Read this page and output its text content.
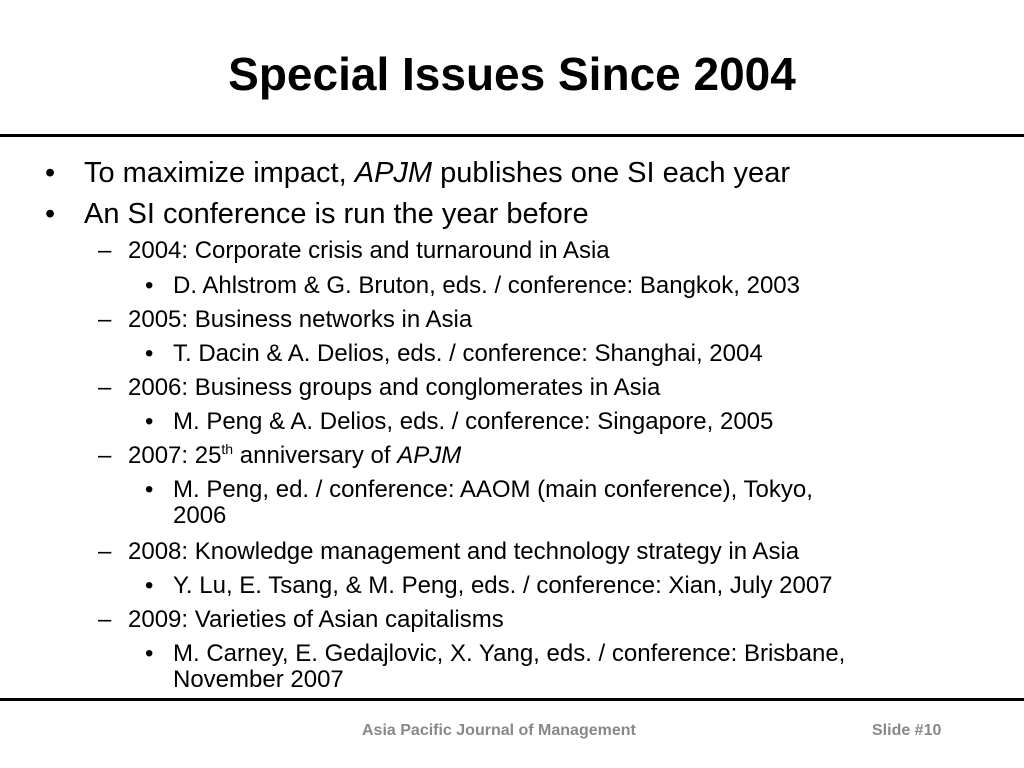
Special Issues Since 2004
• To maximize impact, APJM publishes one SI each year
• An SI conference is run the year before
– 2004: Corporate crisis and turnaround in Asia
• D. Ahlstrom & G. Bruton, eds. / conference: Bangkok, 2003
– 2005: Business networks in Asia
• T. Dacin & A. Delios, eds. / conference: Shanghai, 2004
– 2006: Business groups and conglomerates in Asia
• M. Peng & A. Delios, eds. / conference: Singapore, 2005
– 2007: 25th anniversary of APJM
• M. Peng, ed. / conference: AAOM (main conference), Tokyo,
2006
– 2008: Knowledge management and technology strategy in Asia
• Y. Lu, E. Tsang, & M. Peng, eds. / conference: Xian, July 2007
– 2009: Varieties of Asian capitalisms
• M. Carney, E. Gedajlovic, X. Yang, eds. / conference: Brisbane,
November 2007
Asia Pacific Journal of Management	Slide #10
